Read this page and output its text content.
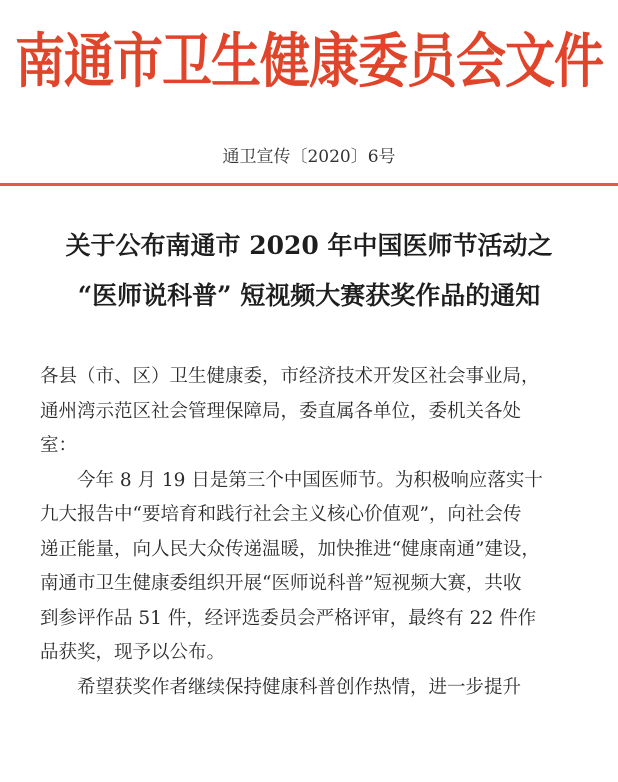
南通市卫生健康委员会文件
通卫宣传〔2020〕6号
关于公布南通市 2020 年中国医师节活动之
“医师说科普” 短视频大赛获奖作品的通知

各县（市、区）卫生健康委，市经济技术开发区社会事业局，
通州湾示范区社会管理保障局，委直属各单位，委机关各处
室：

今年 8 月 19 日是第三个中国医师节。为积极响应落实十
九大报告中“要培育和践行社会主义核心价值观”，向社会传
递正能量，向人民大众传递温暖，加快推进“健康南通”建设，
南通市卫生健康委组织开展“医师说科普”短视频大赛，共收
到参评作品 51 件，经评选委员会严格评审，最终有 22 件作
品获奖，现予以公布。

希望获奖作者继续保持健康科普创作热情，进一步提升
